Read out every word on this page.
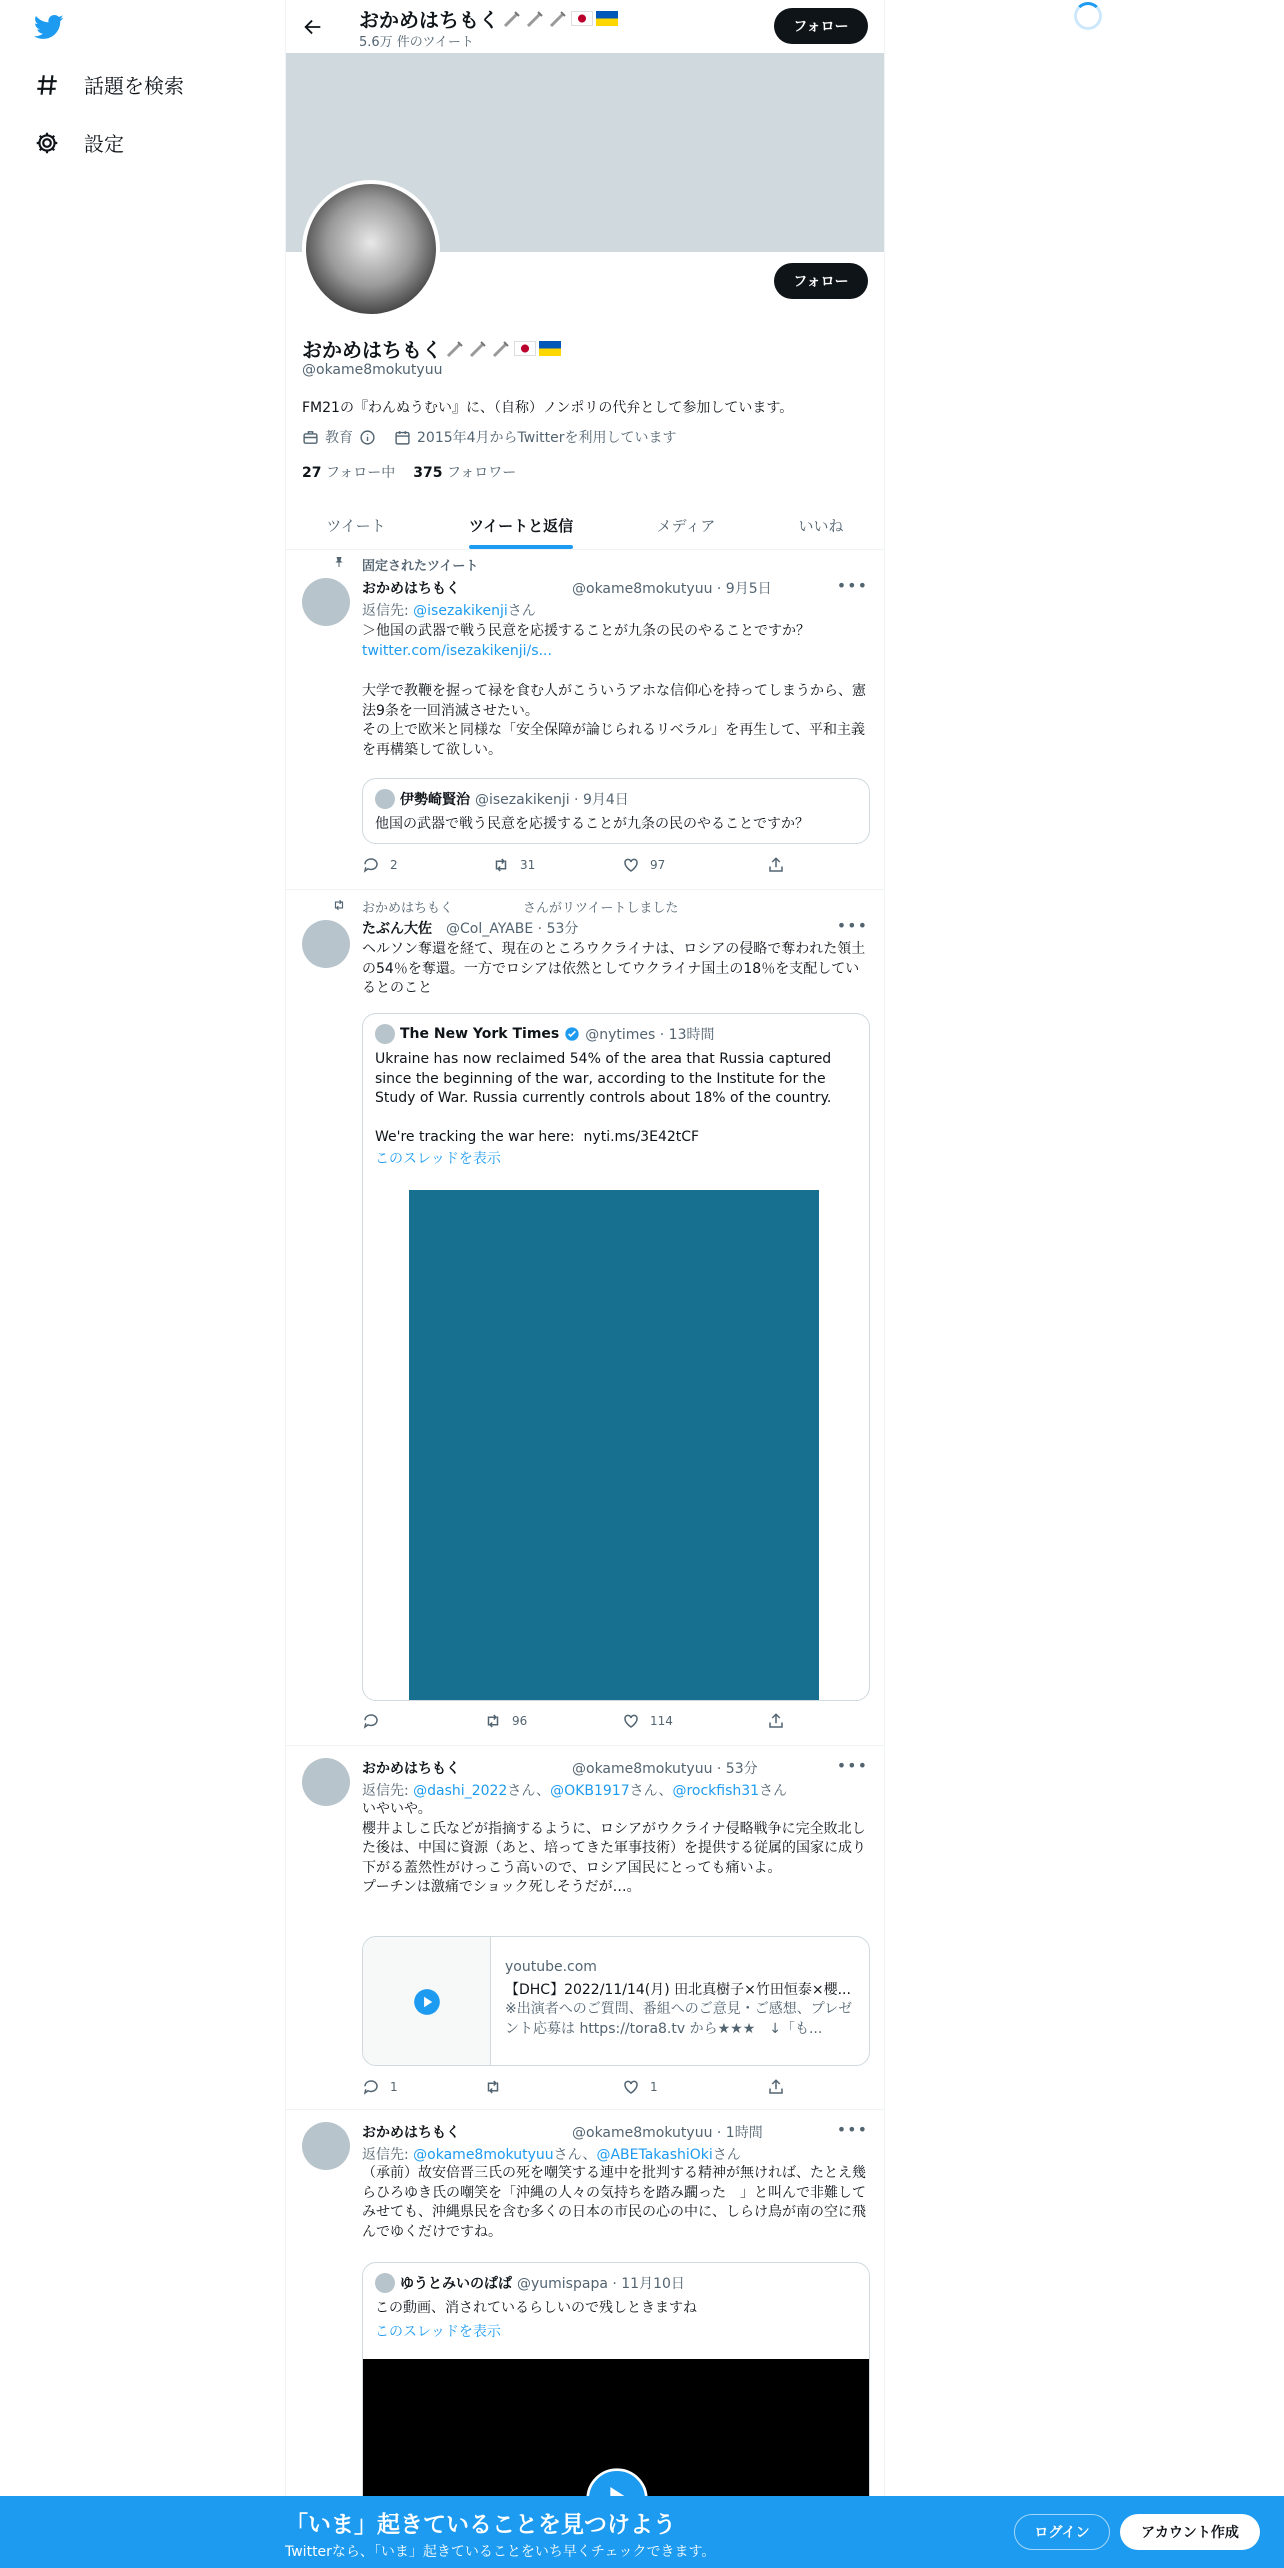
話題を検索
設定
おかめはちもく
5.6万 件のツイート
フォロー
フォロー
おかめはちもく
@okame8mokutyuu
FM21の『わんぬうむい』に、（自称）ノンポリの代弁として参加しています。
教育	2015年4月からTwitterを利用しています
27 フォロー中 375 フォロワー
ツイート	ツイートと返信	メディア	いいね
固定されたツイート
おかめはちもく	@okame8mokutyuu · 9月5日	•••
返信先: @isezakikenjiさん
＞他国の武器で戦う民意を応援することが九条の民のやることですか？
twitter.com/isezakikenji/s...
大学で教鞭を握って禄を食む人がこういうアホな信仰心を持ってしまうから、憲法9条を一回消滅させたい。
その上で欧米と同様な「安全保障が論じられるリベラル」を再生して、平和主義を再構築して欲しい。
伊勢崎賢治 @isezakikenji · 9月4日
他国の武器で戦う民意を応援することが九条の民のやることですか？
2	31	97
おかめはちもく	さんがリツイートしました
たぶん大佐 @Col_AYABE · 53分	•••
ヘルソン奪還を経て、現在のところウクライナは、ロシアの侵略で奪われた領土の54％を奪還。一方でロシアは依然としてウクライナ国土の18％を支配しているとのこと
The New York Times @nytimes · 13時間
Ukraine has now reclaimed 54% of the area that Russia captured since the beginning of the war, according to the Institute for the Study of War. Russia currently controls about 18% of the country.

We're tracking the war here:  nyti.ms/3E42tCF
このスレッドを表示
96	114
おかめはちもく	@okame8mokutyuu · 53分	•••
返信先: @dashi_2022さん、@OKB1917さん、@rockfish31さん
いやいや。
櫻井よしこ氏などが指摘するように、ロシアがウクライナ侵略戦争に完全敗北した後は、中国に資源（あと、培ってきた軍事技術）を提供する従属的国家に成り下がる蓋然性がけっこう高いので、ロシア国民にとっても痛いよ。
プーチンは激痛でショック死しそうだが…。
youtube.com
【DHC】2022/11/14(月) 田北真樹子×竹田恒泰×櫻...
※出演者へのご質問、番組へのご意見・ご感想、プレゼント応募は https://tora8.tv から★★★　↓「も...
1	1
おかめはちもく	@okame8mokutyuu · 1時間	•••
返信先: @okame8mokutyuuさん、@ABETakashiOkiさん
（承前）故安倍晋三氏の死を嘲笑する連中を批判する精神が無ければ、たとえ幾らひろゆき氏の嘲笑を「沖縄の人々の気持ちを踏み躙った　」と叫んで非難してみせても、沖縄県民を含む多くの日本の市民の心の中に、しらけ鳥が南の空に飛んでゆくだけですね。
ゆうとみいのぱぱ @yumispapa · 11月10日
この動画、消されているらしいので残しときますね
このスレッドを表示
「いま」起きていることを見つけよう
Twitterなら、「いま」起きていることをいち早くチェックできます。
ログイン	アカウント作成
